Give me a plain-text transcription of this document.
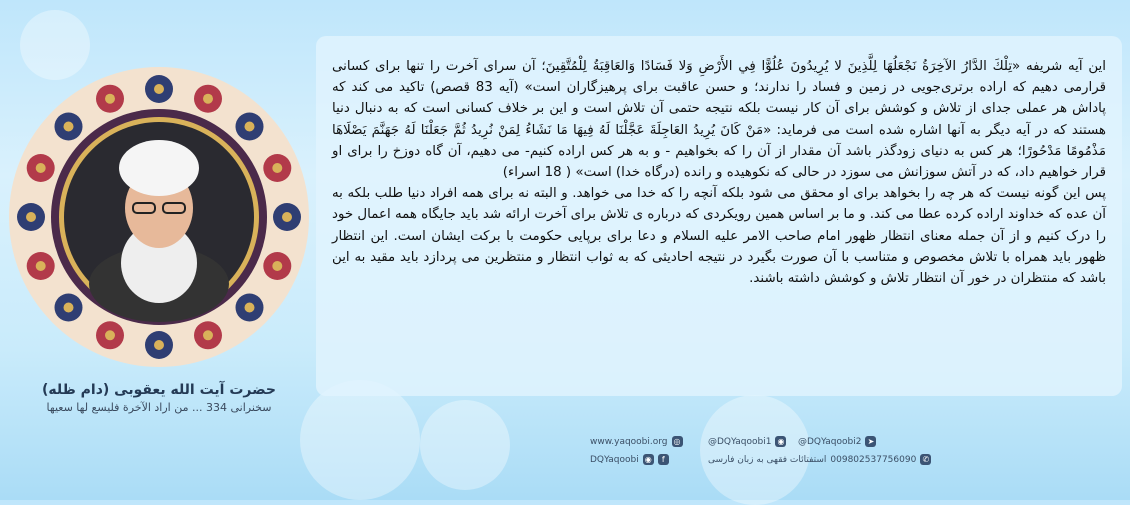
حضرت آیت الله یعقوبی (دام ظله)
سخنرانی 334 ... من اراد الآخرة فليسع لها سعيها

این آیه شریفه «تِلْكَ الدَّارُ الآخِرَةُ نَجْعَلُهَا لِلَّذِينَ لا يُرِيدُونَ عُلُوًّا فِي الأَرْضِ وَلا فَسَادًا وَالعَاقِبَةُ لِلْمُتَّقِينَ؛ آن سرای آخرت را تنها برای کسانی قرارمی دهیم که اراده برتری‌جویی در زمین و فساد را ندارند؛ و حسن عاقبت برای پرهیزگاران است» (آیه 83 قصص) تاکید می کند که پاداش هر عملی جدای از تلاش و کوشش برای آن کار نیست بلکه نتیجه حتمی آن تلاش است و این بر خلاف کسانی است که به دنبال دنیا هستند که در آیه دیگر به آنها اشاره شده است می فرماید: «مَنْ كَانَ يُرِيدُ العَاجِلَةَ عَجَّلْنَا لَهُ فِيهَا مَا نَشَاءُ لِمَنْ نُرِيدُ ثُمَّ جَعَلْنَا لَهُ جَهَنَّمَ يَصْلَاهَا مَذْمُومًا مَدْحُورًا؛ هر کس به دنیای زودگذر باشد آن مقدار از آن را که بخواهیم - و به هر کس اراده کنیم- می دهیم، آن گاه دوزخ را برای او قرار خواهیم داد، که در آتش سوزانش می سوزد در حالی که نکوهیده و رانده (درگاه خدا) است» ( 18 اسراء)

پس این گونه نیست که هر چه را بخواهد برای او محقق می شود بلکه آنچه را که خدا می خواهد. و البته نه برای همه افراد دنیا طلب بلکه به آن عده که خداوند اراده کرده عطا می کند. و ما بر اساس همین رویکردی که درباره ی تلاش برای آخرت ارائه شد باید جایگاه همه اعمال خود را درک کنیم و از آن جمله معنای انتظار ظهور امام صاحب الامر علیه السلام و دعا برای برپایی حکومت با برکت ایشان است. این انتظار ظهور باید همراه با تلاش مخصوص و متناسب با آن صورت بگیرد در نتیجه احادیثی که به ثواب انتظار و منتظرین می پردازد باید مقید به این باشد که منتظران در خور آن انتظار تلاش و کوشش داشته باشند.

www.yaqoobi.org ◎	@DQYaqoobi1 ◉ @DQYaqoobi2 ➤
DQYaqoobi ◉	f	استفتائات فقهی به زبان فارسی 009802537756090 ✆
